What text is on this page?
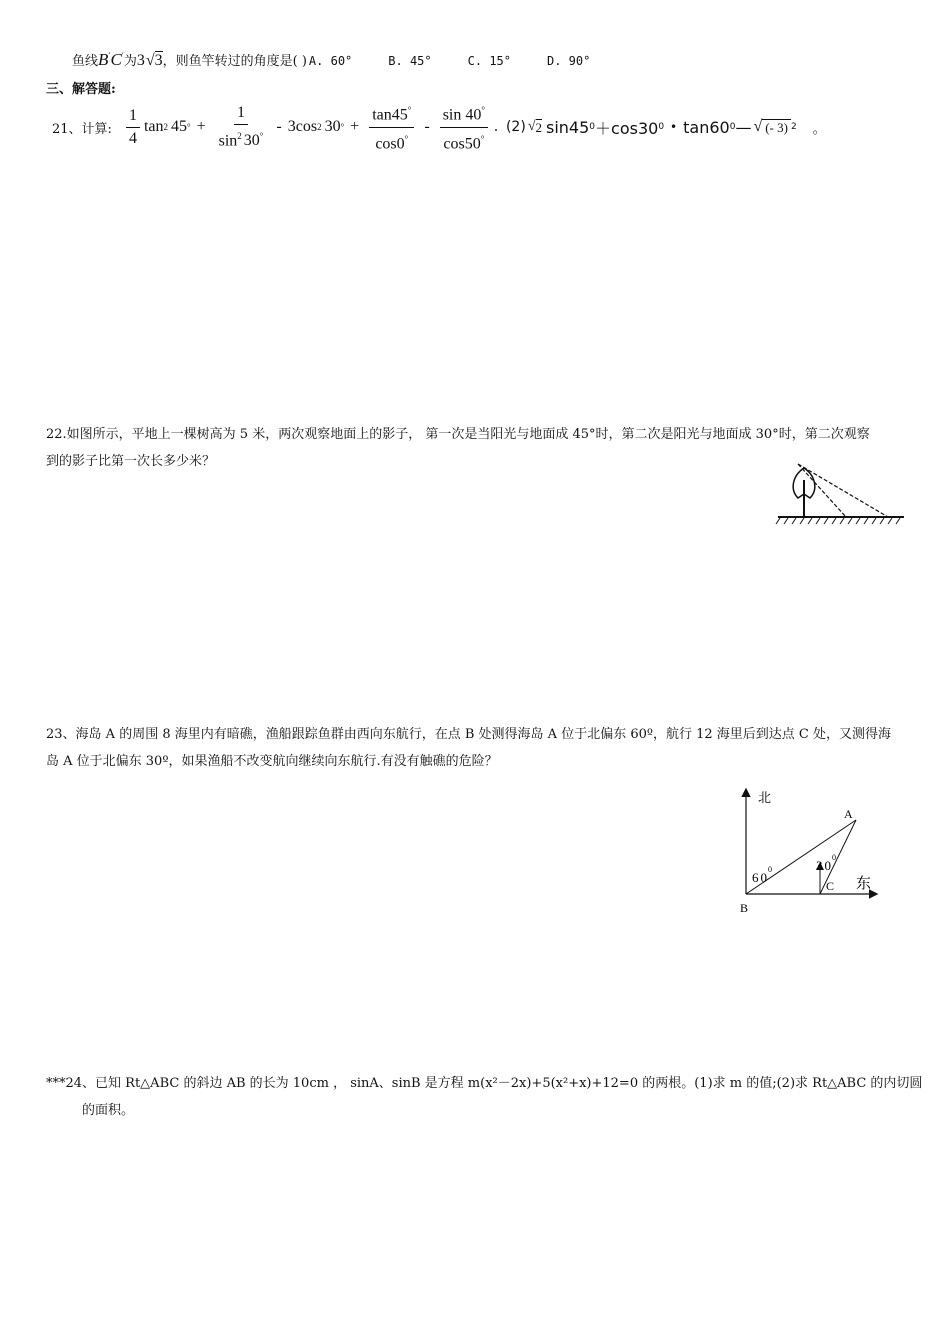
鱼线B′C′为3√3，则鱼竿转过的角度是( ) A. 60°	B. 45°	C. 15°	D. 90°
三、解答题:
21、计算: $\frac{1}{4}$ tan 2 45 ° + $\frac{1}{\sin^2 30^\circ} - 3$ cos 2 30 ° + $\frac{\tan 45^\circ}{\cos 0^\circ} - \frac{\sin 40^\circ}{\cos 50^\circ}$ . (2) √ 2 sin45 0 ＋cos30 0 • tan60 0 — √ (- 3) 2 。
22.如图所示，平地上一棵树高为 5 米，两次观察地面上的影子， 第一次是当阳光与地面成 45°时，第二次是阳光与地面成 30°时，第二次观察
到的影子比第一次长多少米？
23、海岛 A 的周围 8 海里内有暗礁，渔船跟踪鱼群由西向东航行，在点 B 处测得海岛 A 位于北偏东 60º，航行 12 海里后到达点 C 处，又测得海
岛 A 位于北偏东 30º，如果渔船不改变航向继续向东航行.有没有触礁的危险？
北
A
60
0	30
0
C 东
B
***24、已知 Rt△ABC 的斜边 AB 的长为 10cm ， sinA、sinB 是方程 m(x²－2x)+5(x²+x)+12=0 的两根。(1)求 m 的值;(2)求 Rt△ABC 的内切圆
的面积。
